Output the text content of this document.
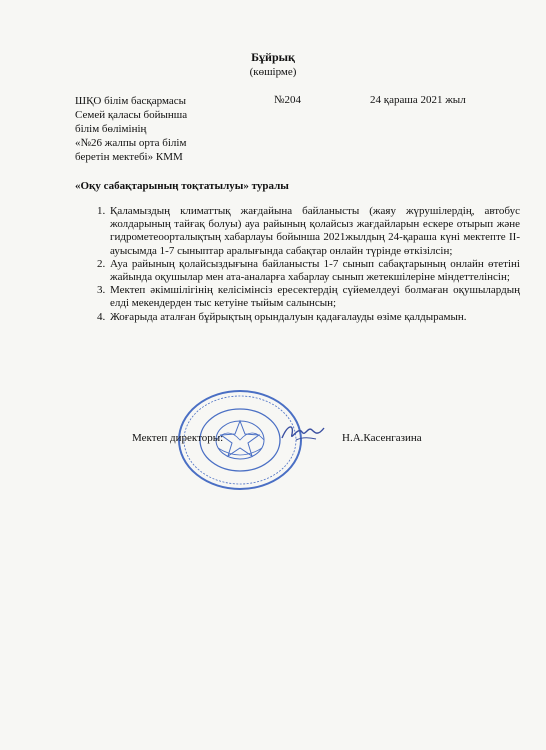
Бұйрық
(көшірме)
ШҚО білім басқармасы
Семей қаласы бойынша
білім бөлімінің
«№26 жалпы орта білім
беретін мектебі» КММ
№204	24 қараша 2021 жыл
«Оқу сабақтарының тоқтатылуы» туралы
1. Қаламыздың климаттық жағдайына байланысты (жаяу жүрушілердің, автобус жолдарының тайғақ болуы) ауа райының қолайсыз жағдайларын ескере отырып және гидрометеоорталықтың хабарлауы бойынша 2021жылдың 24-қараша күні мектепте ІІ-ауысымда 1-7 сыныптар аралығында сабақтар онлайн түрінде өткізілсін;
2. Ауа райының қолайсыздығына байланысты 1-7 сынып сабақтарының онлайн өтетіні жайында оқушылар мен ата-аналарға хабарлау сынып жетекшілеріне міндеттелінсін;
3. Мектеп әкімшілігінің келісімінсіз ересектердің сүйемелдеуі болмаған оқушылардың елді мекендерден тыс кетуіне тыйым салынсын;
4. Жоғарыда аталған бұйрықтың орындалуын қадағалауды өзіме қалдырамын.
Мектеп директоры:	Н.А.Касенгазина
